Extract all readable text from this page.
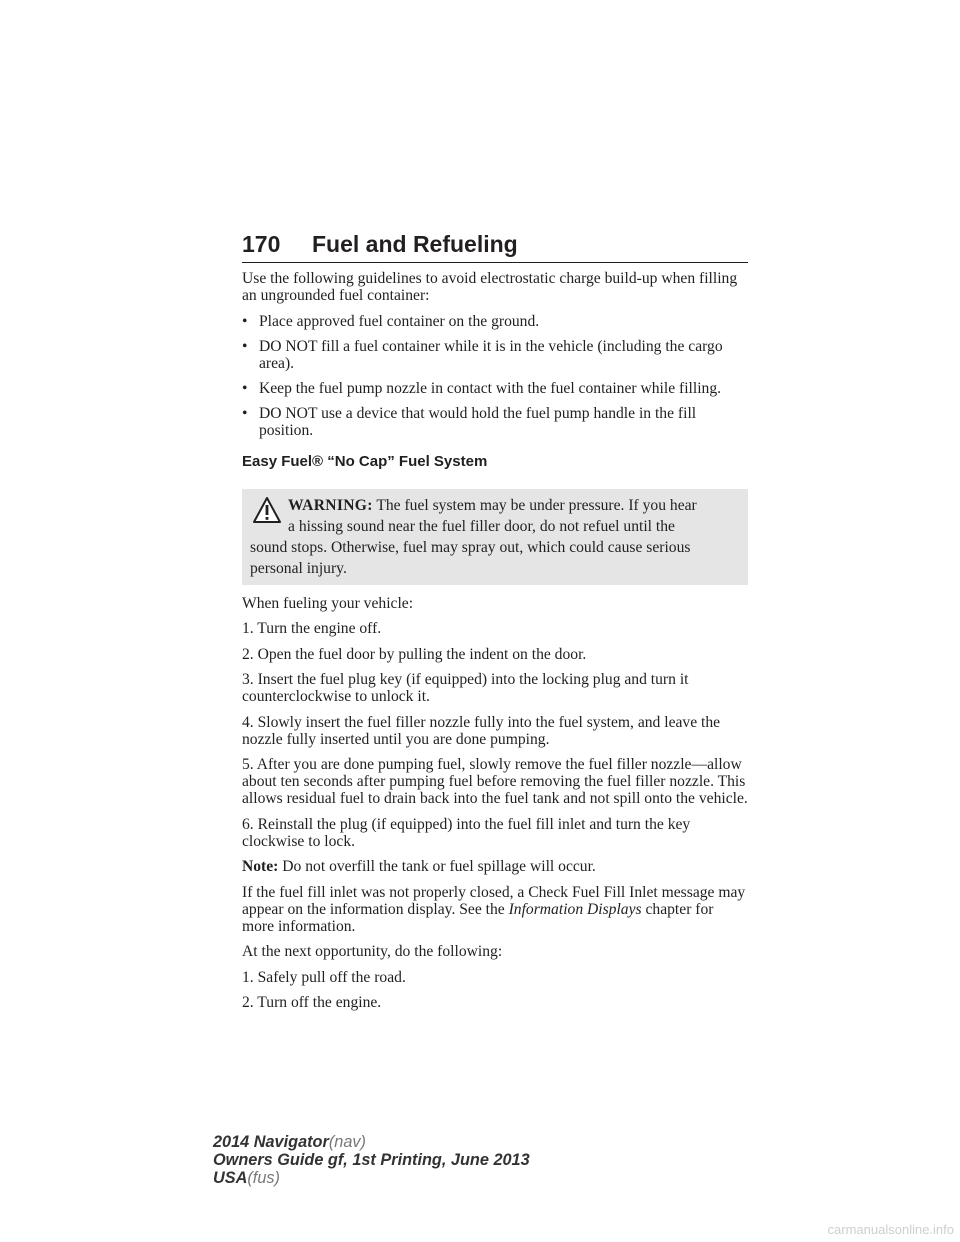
170 Fuel and Refueling

Use the following guidelines to avoid electrostatic charge build-up when filling an ungrounded fuel container:

• Place approved fuel container on the ground.
• DO NOT fill a fuel container while it is in the vehicle (including the cargo area).
• Keep the fuel pump nozzle in contact with the fuel container while filling.
• DO NOT use a device that would hold the fuel pump handle in the fill position.

Easy Fuel® “No Cap” Fuel System

WARNING: The fuel system may be under pressure. If you hear
a hissing sound near the fuel filler door, do not refuel until the
sound stops. Otherwise, fuel may spray out, which could cause serious
personal injury.

When fueling your vehicle:

1. Turn the engine off.

2. Open the fuel door by pulling the indent on the door.

3. Insert the fuel plug key (if equipped) into the locking plug and turn it counterclockwise to unlock it.

4. Slowly insert the fuel filler nozzle fully into the fuel system, and leave the nozzle fully inserted until you are done pumping.

5. After you are done pumping fuel, slowly remove the fuel filler nozzle—allow about ten seconds after pumping fuel before removing the fuel filler nozzle. This allows residual fuel to drain back into the fuel tank and not spill onto the vehicle.

6. Reinstall the plug (if equipped) into the fuel fill inlet and turn the key clockwise to lock.

Note: Do not overfill the tank or fuel spillage will occur.

If the fuel fill inlet was not properly closed, a Check Fuel Fill Inlet message may appear on the information display. See the Information Displays chapter for more information.

At the next opportunity, do the following:

1. Safely pull off the road.

2. Turn off the engine.

2014 Navigator(nav)
Owners Guide gf, 1st Printing, June 2013
USA(fus)
carmanualsonline.info
